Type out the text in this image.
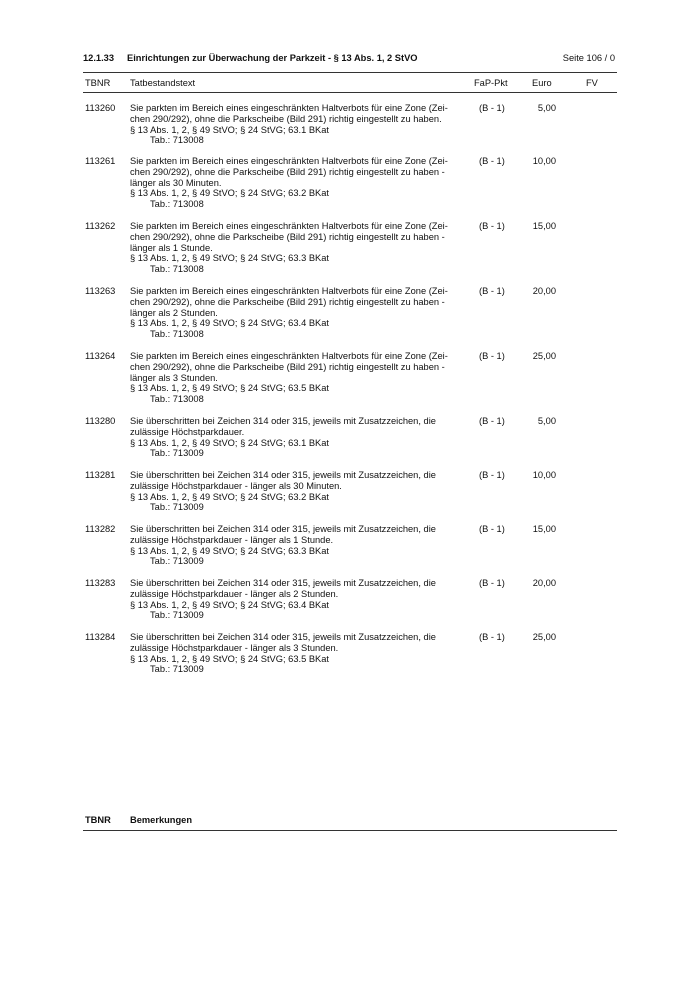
12.1.33 Einrichtungen zur Überwachung der Parkzeit - § 13 Abs. 1, 2 StVO	Seite 106 / 0
TBNR Tatbestandstext	FaP-Pkt	Euro	FV
113260 Sie parkten im Bereich eines eingeschränkten Haltverbots für eine Zone (Zei-
chen 290/292), ohne die Parkscheibe (Bild 291) richtig eingestellt zu haben.
§ 13 Abs. 1, 2, § 49 StVO; § 24 StVG; 63.1 BKat
Tab.: 713008
(B - 1)	5,00
113261 Sie parkten im Bereich eines eingeschränkten Haltverbots für eine Zone (Zei-
chen 290/292), ohne die Parkscheibe (Bild 291) richtig eingestellt zu haben -
länger als 30 Minuten.
§ 13 Abs. 1, 2, § 49 StVO; § 24 StVG; 63.2 BKat
Tab.: 713008
(B - 1)	10,00
113262 Sie parkten im Bereich eines eingeschränkten Haltverbots für eine Zone (Zei-
chen 290/292), ohne die Parkscheibe (Bild 291) richtig eingestellt zu haben -
länger als 1 Stunde.
§ 13 Abs. 1, 2, § 49 StVO; § 24 StVG; 63.3 BKat
Tab.: 713008
(B - 1)	15,00
113263 Sie parkten im Bereich eines eingeschränkten Haltverbots für eine Zone (Zei-
chen 290/292), ohne die Parkscheibe (Bild 291) richtig eingestellt zu haben -
länger als 2 Stunden.
§ 13 Abs. 1, 2, § 49 StVO; § 24 StVG; 63.4 BKat
Tab.: 713008
(B - 1)	20,00
113264 Sie parkten im Bereich eines eingeschränkten Haltverbots für eine Zone (Zei-
chen 290/292), ohne die Parkscheibe (Bild 291) richtig eingestellt zu haben -
länger als 3 Stunden.
§ 13 Abs. 1, 2, § 49 StVO; § 24 StVG; 63.5 BKat
Tab.: 713008
(B - 1)	25,00
113280 Sie überschritten bei Zeichen 314 oder 315, jeweils mit Zusatzzeichen, die
zulässige Höchstparkdauer.
§ 13 Abs. 1, 2, § 49 StVO; § 24 StVG; 63.1 BKat
Tab.: 713009
(B - 1)	5,00
113281 Sie überschritten bei Zeichen 314 oder 315, jeweils mit Zusatzzeichen, die
zulässige Höchstparkdauer - länger als 30 Minuten.
§ 13 Abs. 1, 2, § 49 StVO; § 24 StVG; 63.2 BKat
Tab.: 713009
(B - 1)	10,00
113282 Sie überschritten bei Zeichen 314 oder 315, jeweils mit Zusatzzeichen, die
zulässige Höchstparkdauer - länger als 1 Stunde.
§ 13 Abs. 1, 2, § 49 StVO; § 24 StVG; 63.3 BKat
Tab.: 713009
(B - 1)	15,00
113283 Sie überschritten bei Zeichen 314 oder 315, jeweils mit Zusatzzeichen, die
zulässige Höchstparkdauer - länger als 2 Stunden.
§ 13 Abs. 1, 2, § 49 StVO; § 24 StVG; 63.4 BKat
Tab.: 713009
(B - 1)	20,00
113284 Sie überschritten bei Zeichen 314 oder 315, jeweils mit Zusatzzeichen, die
zulässige Höchstparkdauer - länger als 3 Stunden.
§ 13 Abs. 1, 2, § 49 StVO; § 24 StVG; 63.5 BKat
Tab.: 713009
(B - 1)	25,00
TBNR Bemerkungen
